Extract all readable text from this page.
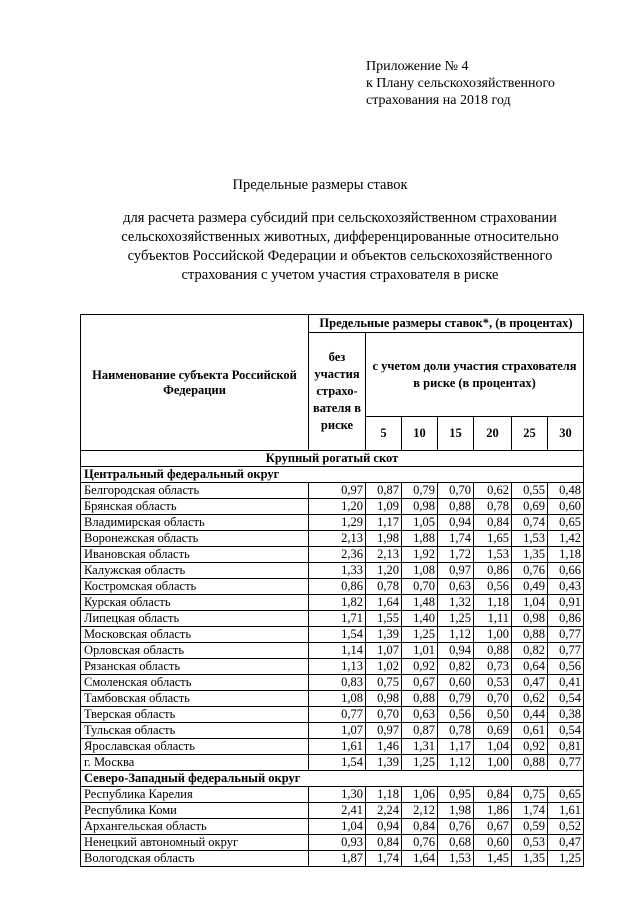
Приложение № 4
к Плану сельскохозяйственного
страхования на 2018 год
Предельные размеры ставок
для расчета размера субсидий при сельскохозяйственном страховании
сельскохозяйственных животных, дифференцированные относительно
субъектов Российской Федерации и объектов сельскохозяйственного
страхования с учетом участия страхователя в риске
Наименование субъекта Российской Федерации	Предельные размеры ставок*, (в процентах)						
	без участия страхо-вателя в риске	с учетом доли участия страхователя в риске (в процентах)					
		5	10	15	20	25	30
Крупный рогатый скот							
Центральный федеральный округ							
Белгородская область	0,97	0,87	0,79	0,70	0,62	0,55	0,48
Брянская область	1,20	1,09	0,98	0,88	0,78	0,69	0,60
Владимирская область	1,29	1,17	1,05	0,94	0,84	0,74	0,65
Воронежская область	2,13	1,98	1,88	1,74	1,65	1,53	1,42
Ивановская область	2,36	2,13	1,92	1,72	1,53	1,35	1,18
Калужская область	1,33	1,20	1,08	0,97	0,86	0,76	0,66
Костромская область	0,86	0,78	0,70	0,63	0,56	0,49	0,43
Курская область	1,82	1,64	1,48	1,32	1,18	1,04	0,91
Липецкая область	1,71	1,55	1,40	1,25	1,11	0,98	0,86
Московская область	1,54	1,39	1,25	1,12	1,00	0,88	0,77
Орловская область	1,14	1,07	1,01	0,94	0,88	0,82	0,77
Рязанская область	1,13	1,02	0,92	0,82	0,73	0,64	0,56
Смоленская область	0,83	0,75	0,67	0,60	0,53	0,47	0,41
Тамбовская область	1,08	0,98	0,88	0,79	0,70	0,62	0,54
Тверская область	0,77	0,70	0,63	0,56	0,50	0,44	0,38
Тульская область	1,07	0,97	0,87	0,78	0,69	0,61	0,54
Ярославская область	1,61	1,46	1,31	1,17	1,04	0,92	0,81
г. Москва	1,54	1,39	1,25	1,12	1,00	0,88	0,77
Северо-Западный федеральный округ							
Республика Карелия	1,30	1,18	1,06	0,95	0,84	0,75	0,65
Республика Коми	2,41	2,24	2,12	1,98	1,86	1,74	1,61
Архангельская область	1,04	0,94	0,84	0,76	0,67	0,59	0,52
Ненецкий автономный округ	0,93	0,84	0,76	0,68	0,60	0,53	0,47
Вологодская область	1,87	1,74	1,64	1,53	1,45	1,35	1,25
